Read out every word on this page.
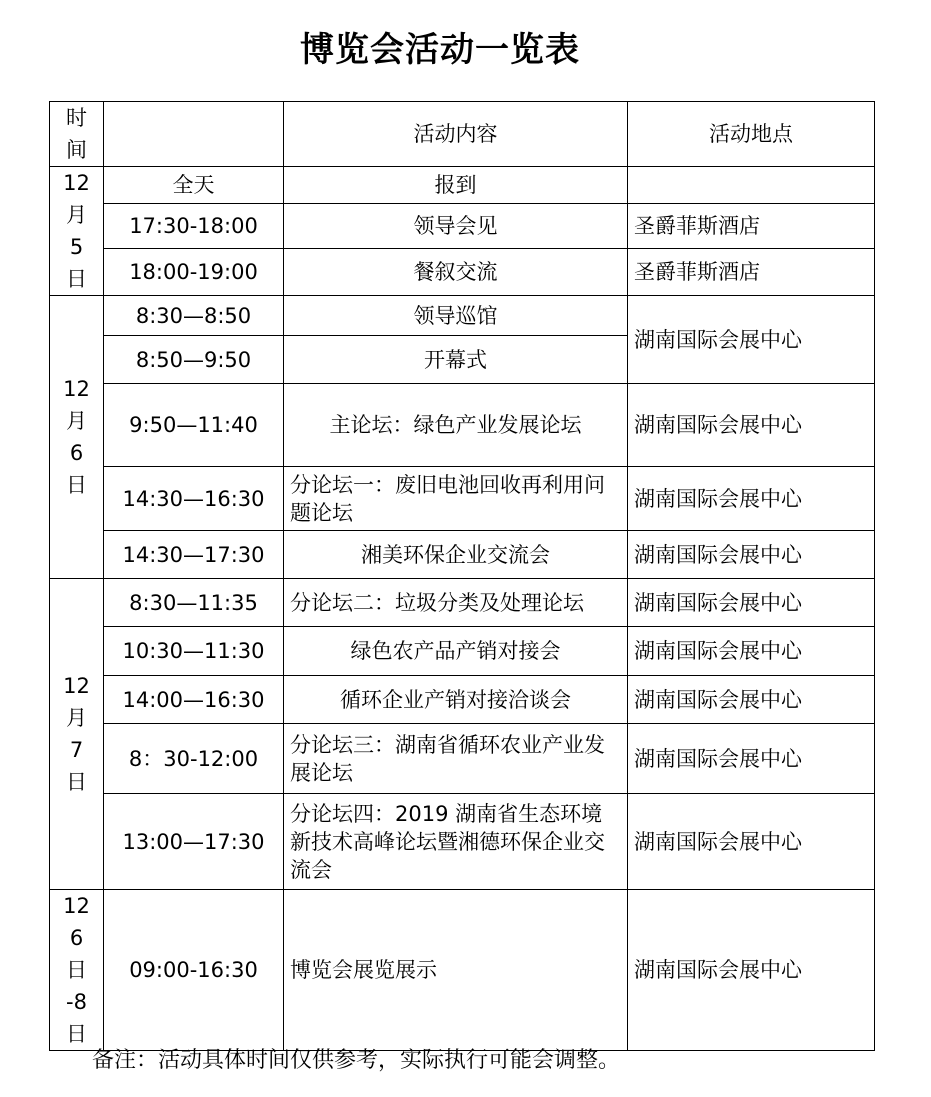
博览会活动一览表
时
间		活动内容	活动地点

12
月
5
日	全天	报到	
	17:30-18:00	领导会见	圣爵菲斯酒店
	18:00-19:00	餐叙交流	圣爵菲斯酒店

12
月
6
日	8:30—8:50	领导巡馆	湖南国际会展中心
	8:50—9:50	开幕式	
	9:50—11:40	主论坛：绿色产业发展论坛	湖南国际会展中心
	14:30—16:30	分论坛一：废旧电池回收再利用问题论坛	湖南国际会展中心
	14:30—17:30	湘美环保企业交流会	湖南国际会展中心

12
月
7
日	8:30—11:35	分论坛二：垃圾分类及处理论坛	湖南国际会展中心
	10:30—11:30	绿色农产品产销对接会	湖南国际会展中心
	14:00—16:30	循环企业产销对接洽谈会	湖南国际会展中心
	8：30-12:00	分论坛三：湖南省循环农业产业发展论坛	湖南国际会展中心
	13:00—17:30	分论坛四：2019 湖南省生态环境新技术高峰论坛暨湘德环保企业交流会	湖南国际会展中心

12
6
日
-8
日	09:00-16:30	博览会展览展示	湖南国际会展中心
备注：活动具体时间仅供参考，实际执行可能会调整。
